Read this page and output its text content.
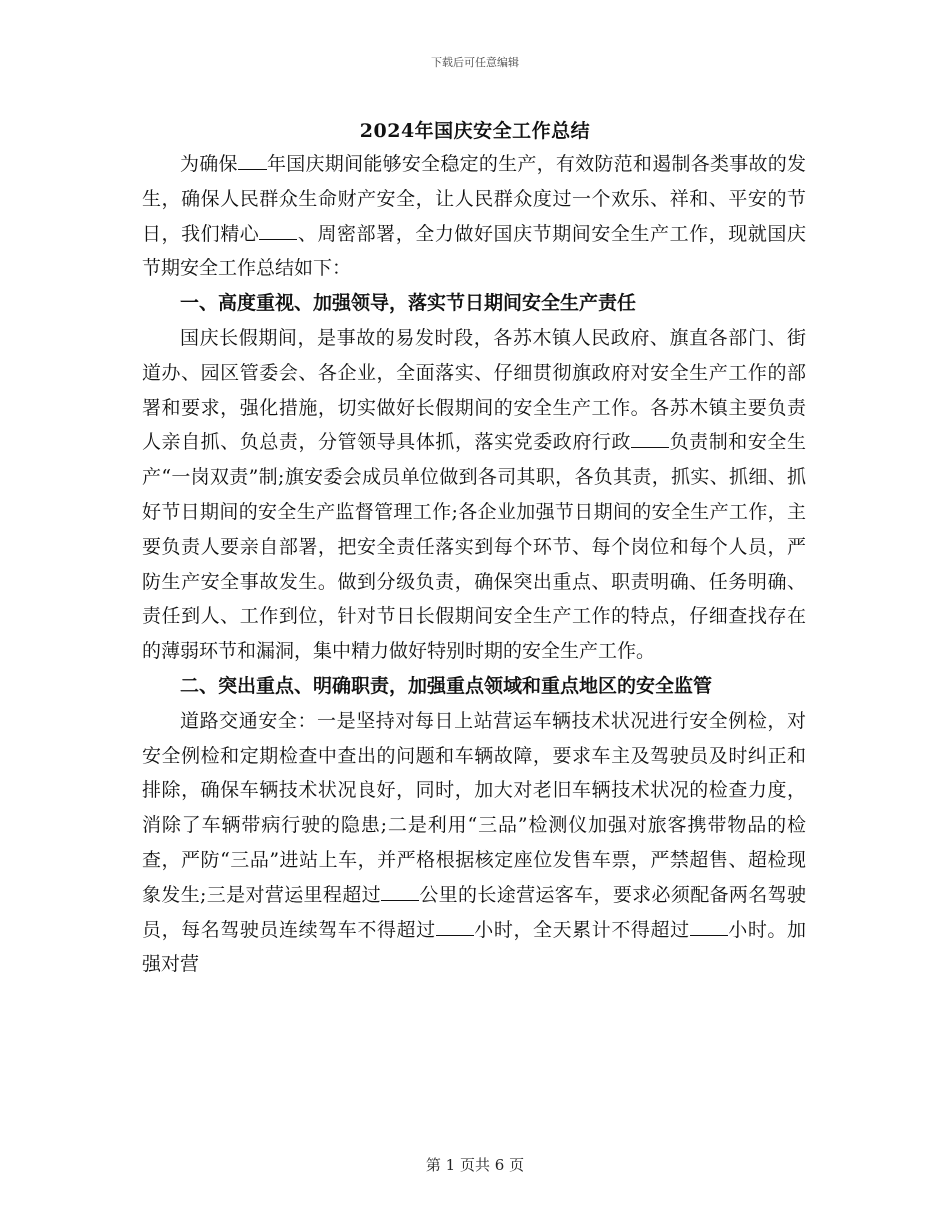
下载后可任意编辑
2024年国庆安全工作总结

为确保 年国庆期间能够安全稳定的生产，有效防范和遏制各类事故的发生，确保人民群众生命财产安全，让人民群众度过一个欢乐、祥和、平安的节日，我们精心 、周密部署，全力做好国庆节期间安全生产工作，现就国庆节期安全工作总结如下：

一、高度重视、加强领导，落实节日期间安全生产责任

国庆长假期间，是事故的易发时段，各苏木镇人民政府、旗直各部门、街道办、园区管委会、各企业，全面落实、仔细贯彻旗政府对安全生产工作的部署和要求，强化措施，切实做好长假期间的安全生产工作。各苏木镇主要负责人亲自抓、负总责，分管领导具体抓，落实党委政府行政 负责制和安全生产“一岗双责”制;旗安委会成员单位做到各司其职，各负其责，抓实、抓细、抓好节日期间的安全生产监督管理工作;各企业加强节日期间的安全生产工作，主要负责人要亲自部署，把安全责任落实到每个环节、每个岗位和每个人员，严防生产安全事故发生。做到分级负责，确保突出重点、职责明确、任务明确、责任到人、工作到位，针对节日长假期间安全生产工作的特点，仔细查找存在的薄弱环节和漏洞，集中精力做好特别时期的安全生产工作。

二、突出重点、明确职责，加强重点领域和重点地区的安全监管

道路交通安全：一是坚持对每日上站营运车辆技术状况进行安全例检，对安全例检和定期检查中查出的问题和车辆故障，要求车主及驾驶员及时纠正和排除，确保车辆技术状况良好，同时，加大对老旧车辆技术状况的检查力度，消除了车辆带病行驶的隐患;二是利用“三品”检测仪加强对旅客携带物品的检查，严防“三品”进站上车，并严格根据核定座位发售车票，严禁超售、超检现象发生;三是对营运里程超过 公里的长途营运客车，要求必须配备两名驾驶员，每名驾驶员连续驾车不得超过 小时，全天累计不得超过 小时。加强对营

第 1 页共 6 页
